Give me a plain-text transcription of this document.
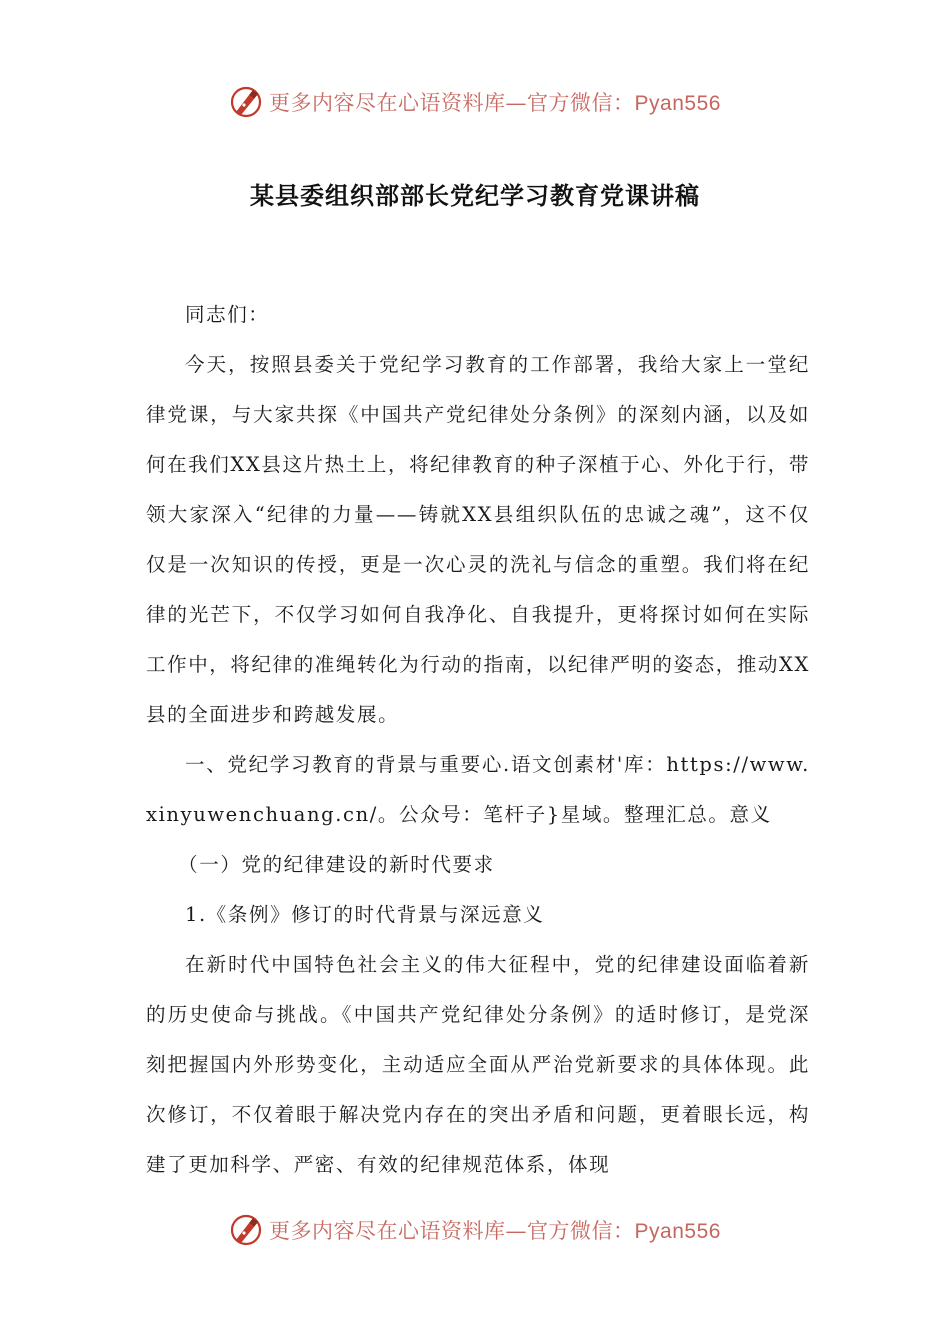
更多内容尽在心语资料库—官方微信：Pyan556
某县委组织部部长党纪学习教育党课讲稿

同志们：

今天，按照县委关于党纪学习教育的工作部署，我给大家上一堂纪律党课，与大家共探《中国共产党纪律处分条例》的深刻内涵，以及如何在我们XX县这片热土上，将纪律教育的种子深植于心、外化于行，带领大家深入“纪律的力量——铸就XX县组织队伍的忠诚之魂”，这不仅仅是一次知识的传授，更是一次心灵的洗礼与信念的重塑。我们将在纪律的光芒下，不仅学习如何自我净化、自我提升，更将探讨如何在实际工作中，将纪律的准绳转化为行动的指南，以纪律严明的姿态，推动XX县的全面进步和跨越发展。

一、党纪学习教育的背景与重要心.语文创素材'库：https://www.xinyuwenchuang.cn/。公众号：笔杆子}星域。整理汇总。意义

（一）党的纪律建设的新时代要求

1.《条例》修订的时代背景与深远意义

在新时代中国特色社会主义的伟大征程中，党的纪律建设面临着新的历史使命与挑战。《中国共产党纪律处分条例》的适时修订，是党深刻把握国内外形势变化，主动适应全面从严治党新要求的具体体现。此次修订，不仅着眼于解决党内存在的突出矛盾和问题，更着眼长远，构建了更加科学、严密、有效的纪律规范体系，体现

更多内容尽在心语资料库—官方微信：Pyan556
